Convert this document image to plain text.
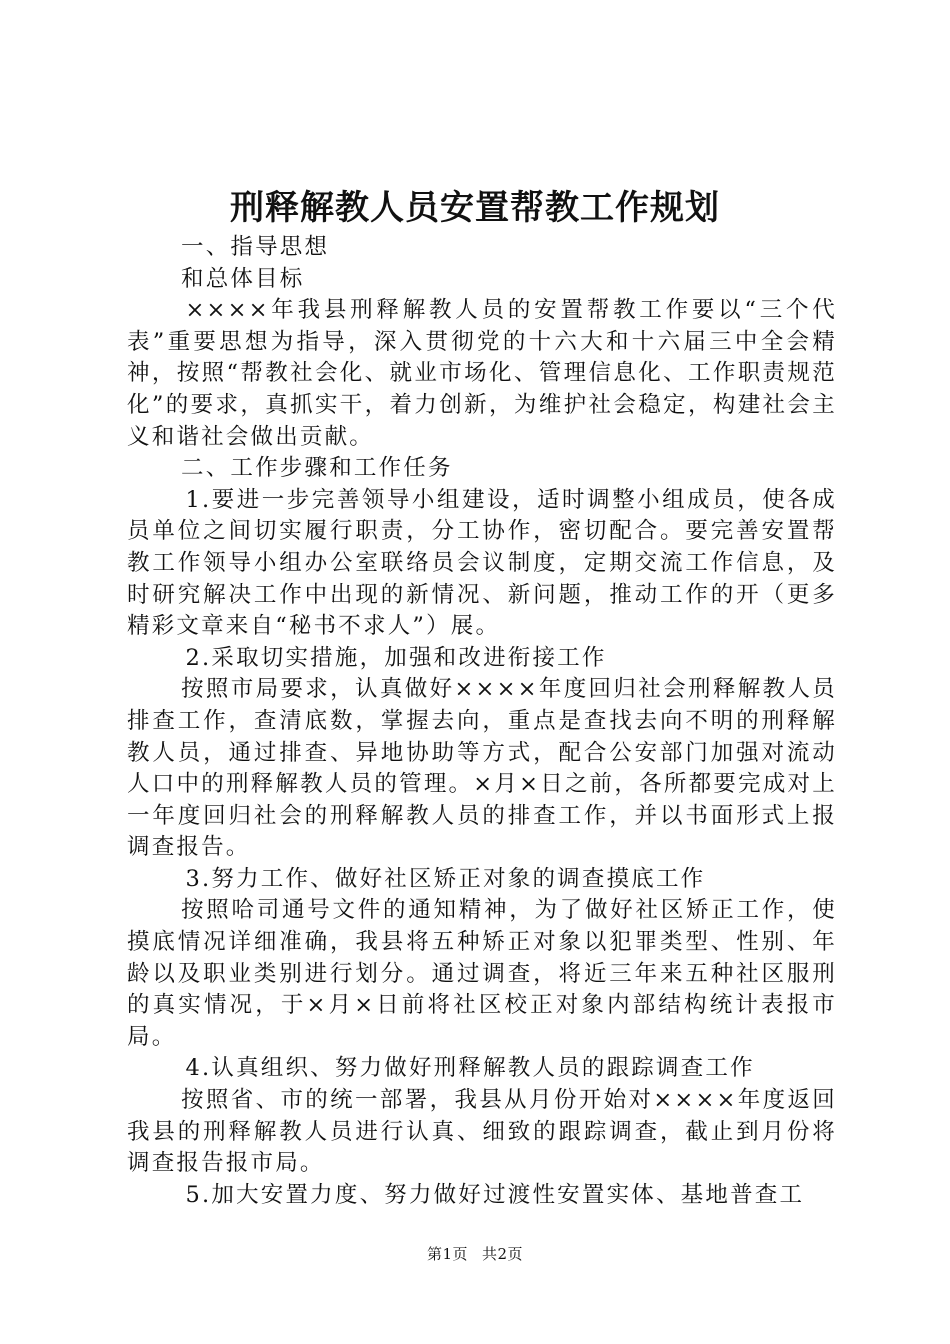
刑释解教人员安置帮教工作规划

一、指导思想

和总体目标

××××年我县刑释解教人员的安置帮教工作要以“三个代表”重要思想为指导，深入贯彻党的十六大和十六届三中全会精神，按照“帮教社会化、就业市场化、管理信息化、工作职责规范化”的要求，真抓实干，着力创新，为维护社会稳定，构建社会主义和谐社会做出贡献。

二、工作步骤和工作任务

1.要进一步完善领导小组建设，适时调整小组成员，使各成员单位之间切实履行职责，分工协作，密切配合。要完善安置帮教工作领导小组办公室联络员会议制度，定期交流工作信息，及时研究解决工作中出现的新情况、新问题，推动工作的开（更多精彩文章来自“秘书不求人”）展。

2.采取切实措施，加强和改进衔接工作

按照市局要求，认真做好××××年度回归社会刑释解教人员排查工作，查清底数，掌握去向，重点是查找去向不明的刑释解教人员，通过排查、异地协助等方式，配合公安部门加强对流动人口中的刑释解教人员的管理。×月×日之前，各所都要完成对上一年度回归社会的刑释解教人员的排查工作，并以书面形式上报调查报告。

3.努力工作、做好社区矫正对象的调查摸底工作

按照哈司通号文件的通知精神，为了做好社区矫正工作，使摸底情况详细准确，我县将五种矫正对象以犯罪类型、性别、年龄以及职业类别进行划分。通过调查，将近三年来五种社区服刑的真实情况，于×月×日前将社区校正对象内部结构统计表报市局。

4.认真组织、努力做好刑释解教人员的跟踪调查工作

按照省、市的统一部署，我县从月份开始对××××年度返回我县的刑释解教人员进行认真、细致的跟踪调查，截止到月份将调查报告报市局。

5.加大安置力度、努力做好过渡性安置实体、基地普查工

第1页 共2页
